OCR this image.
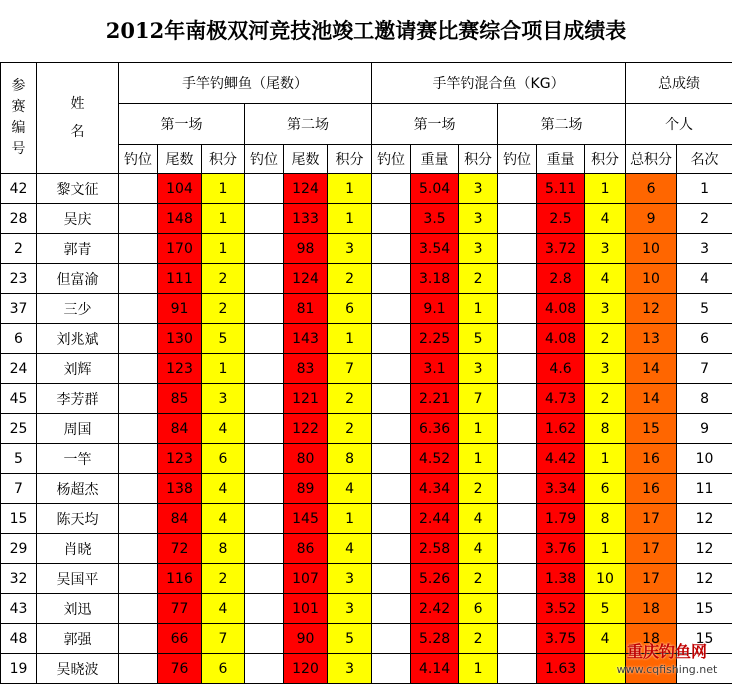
2012年南极双河竞技池竣工邀请赛比赛综合项目成绩表
参赛编号	姓名	手竿钓鲫鱼（尾数）						手竿钓混合鱼（KG）						总成绩	
		第一场			第二场			第一场			第二场			个人	
		钓位	尾数	积分	钓位	尾数	积分	钓位	重量	积分	钓位	重量	积分	总积分	名次
42	黎文征		104	1		124	1		5.04	3		5.11	1	6	1
28	吴庆		148	1		133	1		3.5	3		2.5	4	9	2
2	郭青		170	1		98	3		3.54	3		3.72	3	10	3
23	但富渝		111	2		124	2		3.18	2		2.8	4	10	4
37	三少		91	2		81	6		9.1	1		4.08	3	12	5
6	刘兆斌		130	5		143	1		2.25	5		4.08	2	13	6
24	刘辉		123	1		83	7		3.1	3		4.6	3	14	7
45	李芳群		85	3		121	2		2.21	7		4.73	2	14	8
25	周国		84	4		122	2		6.36	1		1.62	8	15	9
5	一竿		123	6		80	8		4.52	1		4.42	1	16	10
7	杨超杰		138	4		89	4		4.34	2		3.34	6	16	11
15	陈天均		84	4		145	1		2.44	4		1.79	8	17	12
29	肖晓		72	8		86	4		2.58	4		3.76	1	17	12
32	吴国平		116	2		107	3		5.26	2		1.38	10	17	12
43	刘迅		77	4		101	3		2.42	6		3.52	5	18	15
48	郭强		66	7		90	5		5.28	2		3.75	4	18	15
19	吴晓波		76	6		120	3		4.14	1		1.63			
重庆钓鱼网
www.cqfishing.net
